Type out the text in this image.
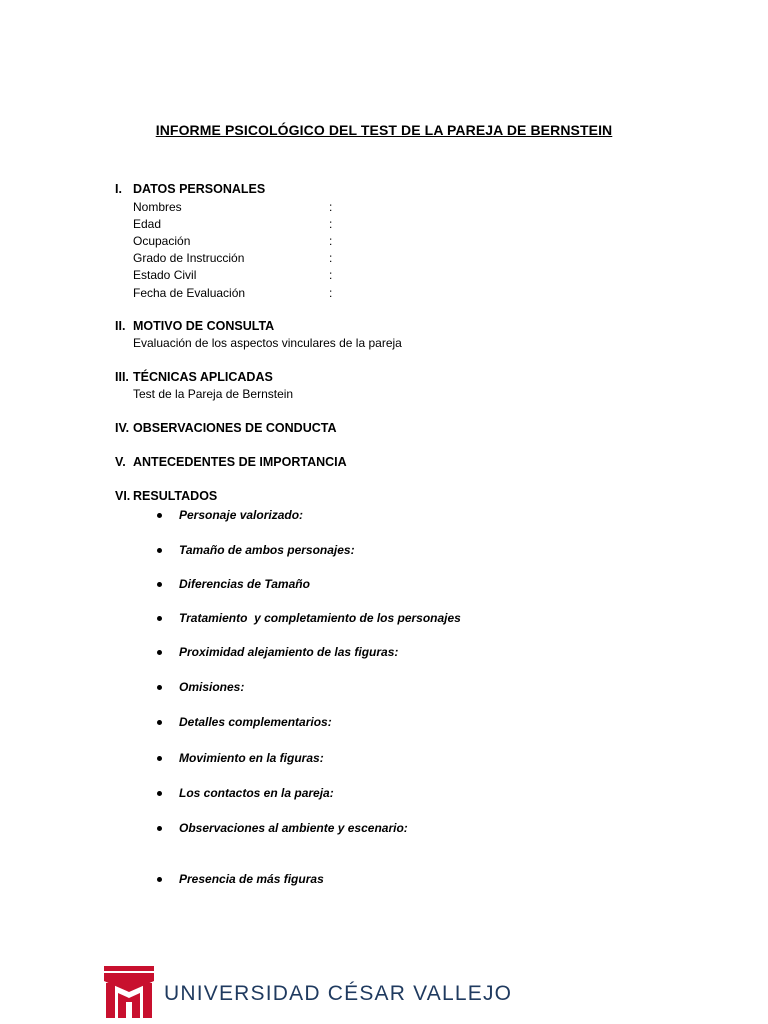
INFORME PSICOLÓGICO DEL TEST DE LA PAREJA DE BERNSTEIN
I. DATOS PERSONALES
Nombres	:
Edad	:
Ocupación	:
Grado de Instrucción	:
Estado Civil	:
Fecha de Evaluación	:
II. MOTIVO DE CONSULTA
Evaluación de los aspectos vinculares de la pareja
III. TÉCNICAS APLICADAS
Test de la Pareja de Bernstein
IV. OBSERVACIONES DE CONDUCTA
V. ANTECEDENTES DE IMPORTANCIA
VI. RESULTADOS
Personaje valorizado:
Tamaño de ambos personajes:
Diferencias de Tamaño
Tratamiento  y completamiento de los personajes
Proximidad alejamiento de las figuras:
Omisiones:
Detalles complementarios:
Movimiento en la figuras:
Los contactos en la pareja:
Observaciones al ambiente y escenario:
Presencia de más figuras
UNIVERSIDAD CÉSAR VALLEJO
